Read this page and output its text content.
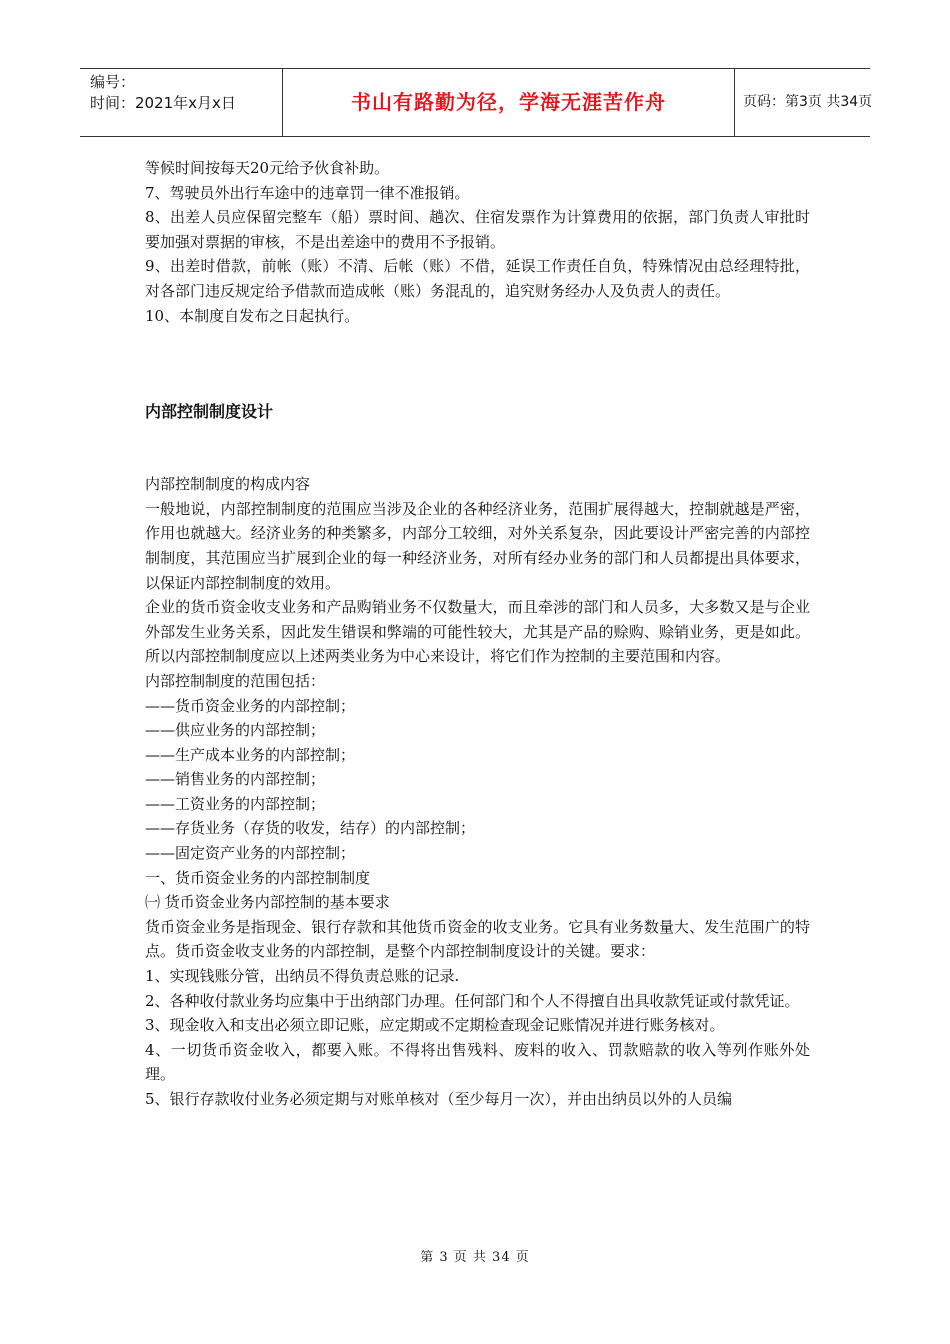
编号：
时间：2021年x月x日	书山有路勤为径，学海无涯苦作舟	页码：第3页 共34页

等候时间按每天20元给予伙食补助。

7、驾驶员外出行车途中的违章罚一律不准报销。

8、出差人员应保留完整车（船）票时间、趟次、住宿发票作为计算费用的依据，部门负责人审批时要加强对票据的审核，不是出差途中的费用不予报销。

9、出差时借款，前帐（账）不清、后帐（账）不借，延误工作责任自负，特殊情况由总经理特批，对各部门违反规定给予借款而造成帐（账）务混乱的，追究财务经办人及负责人的责任。

10、本制度自发布之日起执行。

内部控制制度设计

内部控制制度的构成内容

一般地说，内部控制制度的范围应当涉及企业的各种经济业务，范围扩展得越大，控制就越是严密，作用也就越大。经济业务的种类繁多，内部分工较细，对外关系复杂，因此要设计严密完善的内部控制制度，其范围应当扩展到企业的每一种经济业务，对所有经办业务的部门和人员都提出具体要求，以保证内部控制制度的效用。

企业的货币资金收支业务和产品购销业务不仅数量大，而且牵涉的部门和人员多，大多数又是与企业外部发生业务关系，因此发生错误和弊端的可能性较大，尤其是产品的赊购、赊销业务，更是如此。所以内部控制制度应以上述两类业务为中心来设计，将它们作为控制的主要范围和内容。

内部控制制度的范围包括：

——货币资金业务的内部控制；

——供应业务的内部控制；

——生产成本业务的内部控制；

——销售业务的内部控制；

——工资业务的内部控制；

——存货业务（存货的收发，结存）的内部控制；

——固定资产业务的内部控制；

一、货币资金业务的内部控制制度

㈠ 货币资金业务内部控制的基本要求

货币资金业务是指现金、银行存款和其他货币资金的收支业务。它具有业务数量大、发生范围广的特点。货币资金收支业务的内部控制，是整个内部控制制度设计的关键。要求：

1、实现钱账分管，出纳员不得负责总账的记录.

2、各种收付款业务均应集中于出纳部门办理。任何部门和个人不得擅自出具收款凭证或付款凭证。

3、现金收入和支出必须立即记账，应定期或不定期检查现金记账情况并进行账务核对。

4、一切货币资金收入，都要入账。不得将出售残料、废料的收入、罚款赔款的收入等列作账外处理。

5、银行存款收付业务必须定期与对账单核对（至少每月一次），并由出纳员以外的人员编

第 3 页 共 34 页
